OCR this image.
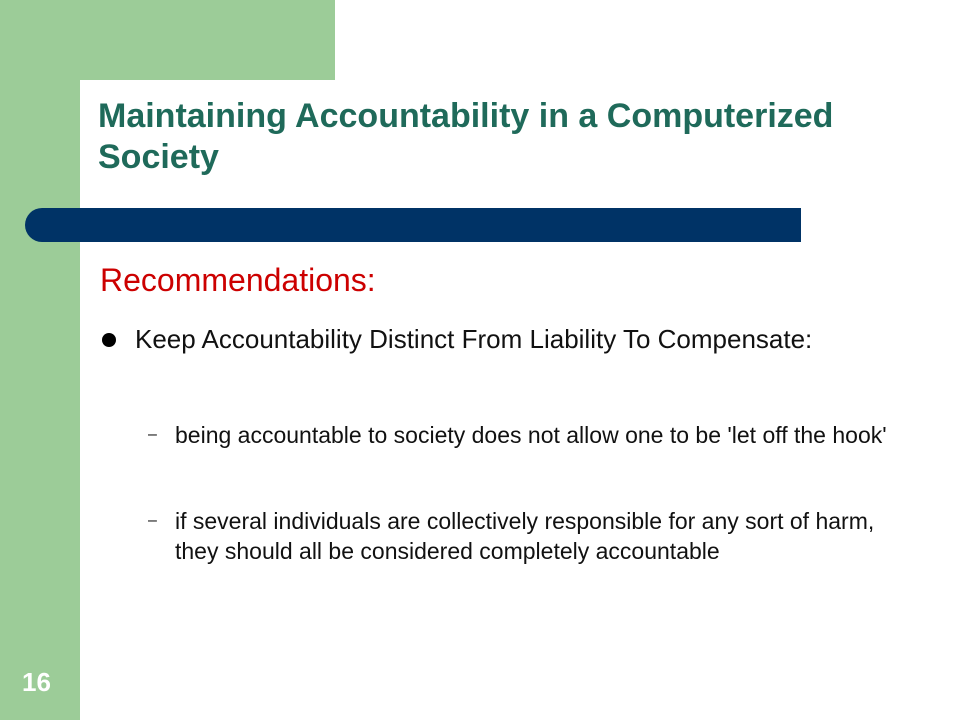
Maintaining Accountability in a Computerized Society

Recommendations:

Keep Accountability Distinct From Liability To Compensate:
– being accountable to society does not allow one to be 'let off the hook'
– if several individuals are collectively responsible for any sort of harm, they should all be considered completely accountable

16
